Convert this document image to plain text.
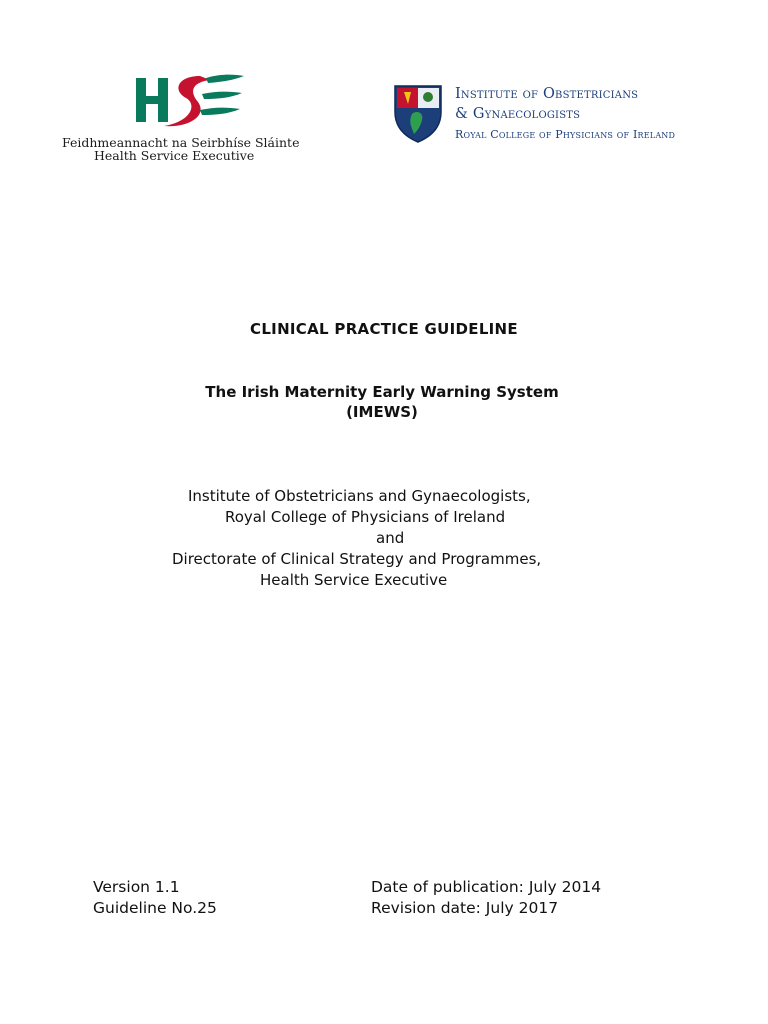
Feidhmeannacht na Seirbhíse Sláinte
Health Service Executive
Institute of Obstetricians
& Gynaecologists
Royal College of Physicians of Ireland
CLINICAL PRACTICE GUIDELINE
The Irish Maternity Early Warning System
(IMEWS)
Institute of Obstetricians and Gynaecologists,
Royal College of Physicians of Ireland
and
Directorate of Clinical Strategy and Programmes,
Health Service Executive
Version 1.1
Guideline No.25
Date of publication: July 2014
Revision date: July 2017
